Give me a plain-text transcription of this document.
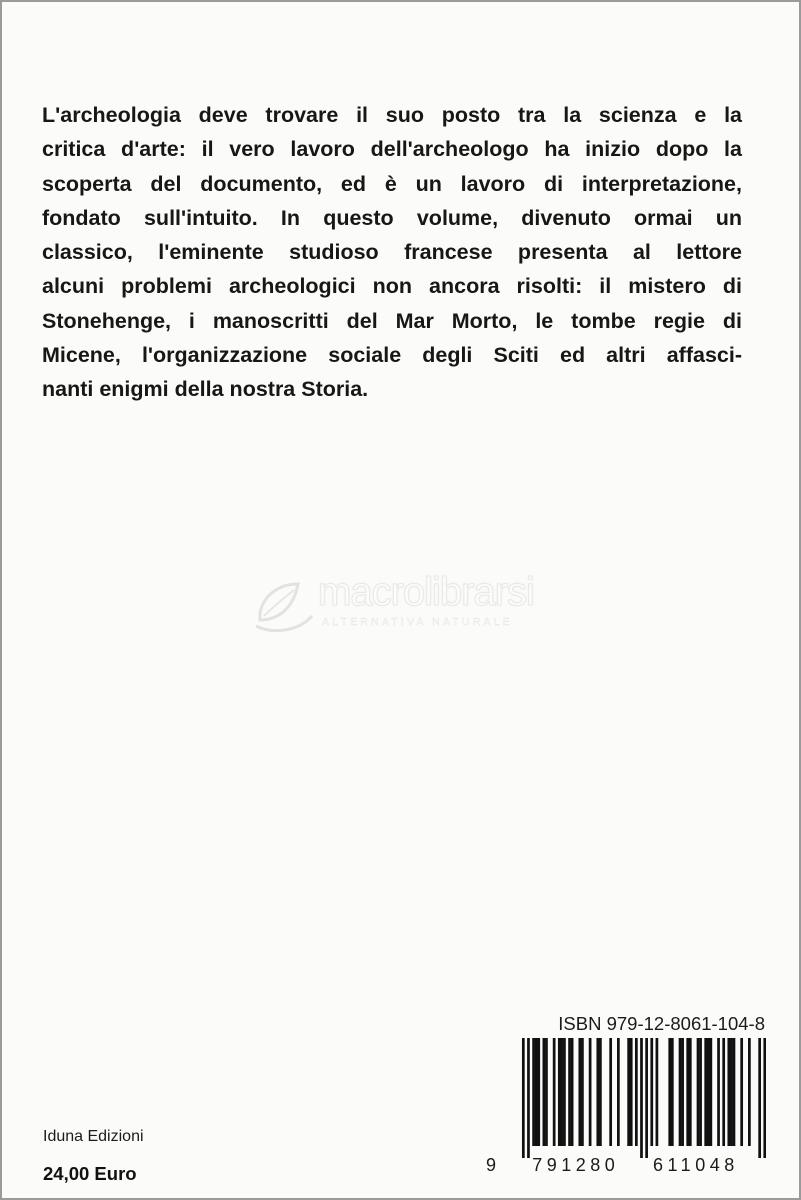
L'archeologia deve trovare il suo posto tra la scienza e la
critica d'arte: il vero lavoro dell'archeologo ha inizio dopo la
scoperta del documento, ed è un lavoro di interpretazione,
fondato sull'intuito. In questo volume, divenuto ormai un
classico, l'eminente studioso francese presenta al lettore
alcuni problemi archeologici non ancora risolti: il mistero di
Stonehenge, i manoscritti del Mar Morto, le tombe regie di
Micene, l'organizzazione sociale degli Sciti ed altri affasci-
nanti enigmi della nostra Storia.
macrolibrarsi
ALTERNATIVA NATURALE
ISBN 979-12-8061-104-8
9 791280 611048
Iduna Edizioni
24,00 Euro
